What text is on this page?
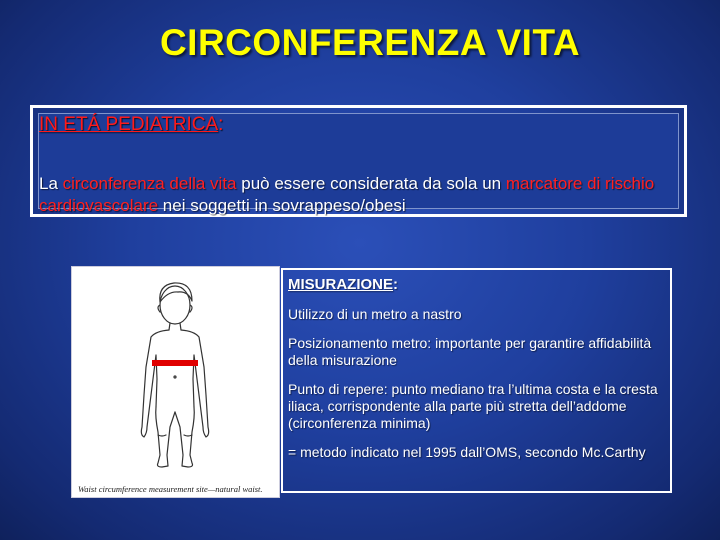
CIRCONFERENZA VITA
IN ETÁ PEDIATRICA:
La circonferenza della vita può essere considerata da sola un marcatore di rischio cardiovascolare nei soggetti in sovrappeso/obesi
Waist circumference measurement site—natural waist.
MISURAZIONE:

Utilizzo di un metro a nastro

Posizionamento metro: importante per garantire affidabilità della misurazione

Punto di repere: punto mediano tra l’ultima costa e la cresta iliaca, corrispondente alla parte più stretta dell’addome (circonferenza minima)

= metodo indicato nel 1995 dall’OMS, secondo Mc.Carthy
